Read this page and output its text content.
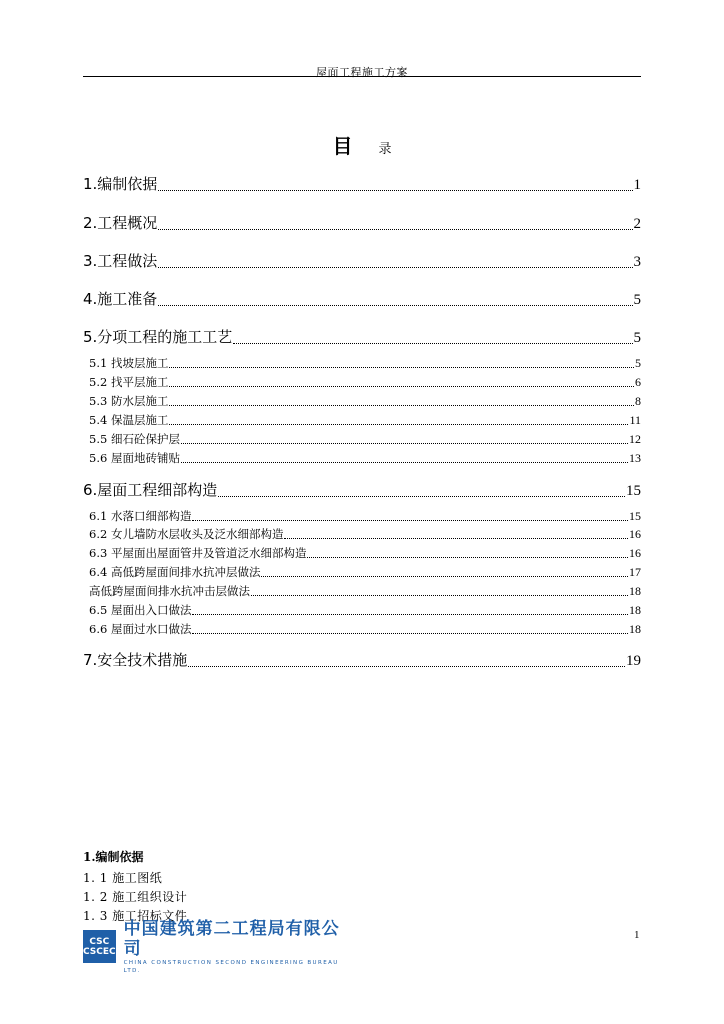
屋面工程施工方案
目 录
1.编制依据	1
2.工程概况	2
3.工程做法	3
4.施工准备	5
5.分项工程的施工工艺	5
5.1 找坡层施工	5
5.2 找平层施工	6
5.3 防水层施工	8
5.4 保温层施工	11
5.5 细石砼保护层	12
5.6 屋面地砖铺贴	13
6.屋面工程细部构造	15
6.1 水落口细部构造	15
6.2 女儿墙防水层收头及泛水细部构造	16
6.3 平屋面出屋面管井及管道泛水细部构造	16
6.4 高低跨屋面间排水抗冲层做法	17
高低跨屋面间排水抗冲击层做法	18
6.5 屋面出入口做法	18
6.6 屋面过水口做法	18
7.安全技术措施	19
1.编制依据
1. 1 施工图纸
1. 2 施工组织设计
1. 3 施工招标文件
1
CSC
CSCEC
中国建筑第二工程局有限公司
CHINA CONSTRUCTION SECOND ENGINEERING BUREAU LTD.
